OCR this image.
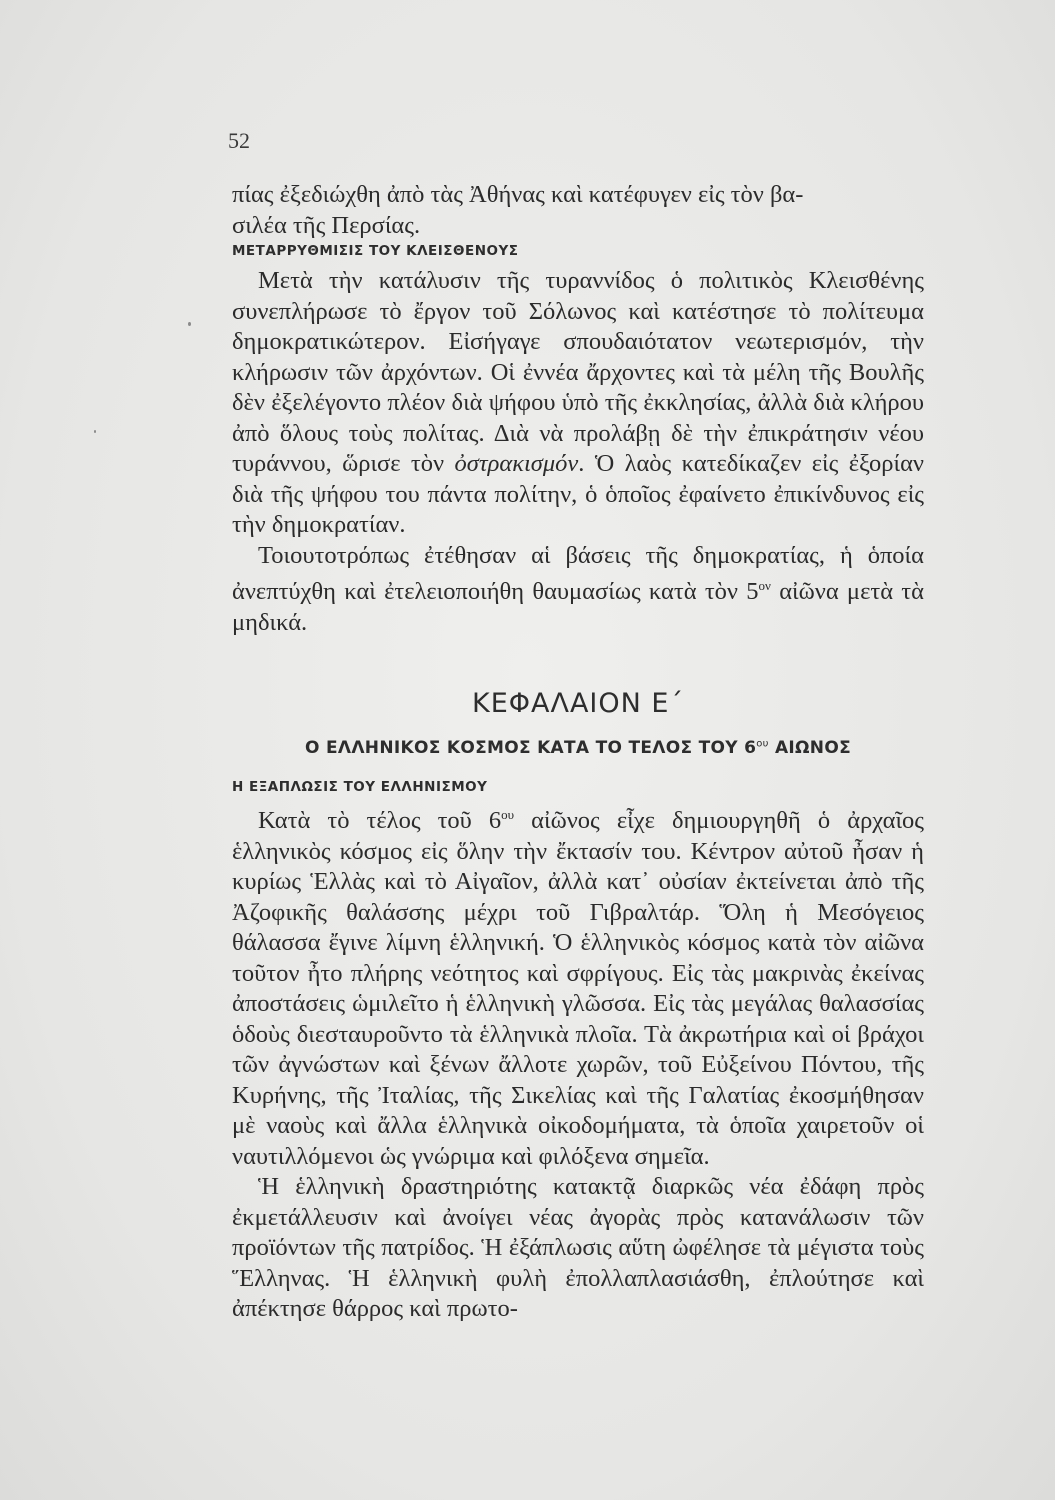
52

πίας ἐξεδιώχθη ἀπὸ τὰς Ἀθήνας καὶ κατέφυγεν εἰς τὸν βα-

σιλέα τῆς Περσίας.

ΜΕΤΑΡΡΥΘΜΙΣΙΣ ΤΟΥ ΚΛΕΙΣΘΕΝΟΥΣ

Μετὰ τὴν κατάλυσιν τῆς τυραννίδος ὁ πολιτικὸς Κλεισθένης συνεπλήρωσε τὸ ἔργον τοῦ Σόλωνος καὶ κατέστησε τὸ πολίτευμα δημοκρατικώτερον. Εἰσήγαγε σπουδαιότατον νεωτερισμόν, τὴν κλήρωσιν τῶν ἀρχόντων. Οἱ ἐννέα ἄρχοντες καὶ τὰ μέλη τῆς Βουλῆς δὲν ἐξελέγοντο πλέον διὰ ψήφου ὑπὸ τῆς ἐκκλησίας, ἀλλὰ διὰ κλήρου ἀπὸ ὅλους τοὺς πολίτας. Διὰ νὰ προλάβῃ δὲ τὴν ἐπικράτησιν νέου τυράννου, ὥρισε τὸν ὀστρακισμόν. Ὁ λαὸς κατεδίκαζεν εἰς ἐξορίαν διὰ τῆς ψήφου του πάντα πολίτην, ὁ ὁποῖος ἐφαίνετο ἐπικίνδυνος εἰς τὴν δημοκρατίαν.

Τοιουτοτρόπως ἐτέθησαν αἱ βάσεις τῆς δημοκρατίας, ἡ ὁποία ἀνεπτύχθη καὶ ἐτελειοποιήθη θαυμασίως κατὰ τὸν $5^{o\nu}$ αἰῶνα μετὰ τὰ μηδικά.

ΚΕΦΑΛΑΙΟΝ Ε΄
Ο ΕΛΛΗΝΙΚΟΣ ΚΟΣΜΟΣ ΚΑΤΑ ΤΟ ΤΕΛΟΣ ΤΟΥ $6^{o\upsilon}$ ΑΙΩΝΟΣ
Η ΕΞΑΠΛΩΣΙΣ ΤΟΥ ΕΛΛΗΝΙΣΜΟΥ

Κατὰ τὸ τέλος τοῦ $6^{o\upsilon}$ αἰῶνος εἶχε δημιουργηθῆ ὁ ἀρχαῖος ἑλληνικὸς κόσμος εἰς ὅλην τὴν ἔκτασίν του. Κέντρον αὐτοῦ ἦσαν ἡ κυρίως Ἑλλὰς καὶ τὸ Αἰγαῖον, ἀλλὰ κατ᾿ οὐσίαν ἐκτείνεται ἀπὸ τῆς Ἀζοφικῆς θαλάσσης μέχρι τοῦ Γιβραλτάρ. Ὅλη ἡ Μεσόγειος θάλασσα ἔγινε λίμνη ἑλληνική. Ὁ ἑλληνικὸς κόσμος κατὰ τὸν αἰῶνα τοῦτον ἦτο πλήρης νεότητος καὶ σφρίγους. Εἰς τὰς μακρινὰς ἐκείνας ἀποστάσεις ὡμιλεῖτο ἡ ἑλληνικὴ γλῶσσα. Εἰς τὰς μεγάλας θαλασσίας ὁδοὺς διεσταυροῦντο τὰ ἑλληνικὰ πλοῖα. Τὰ ἀκρωτήρια καὶ οἱ βράχοι τῶν ἀγνώστων καὶ ξένων ἄλλοτε χωρῶν, τοῦ Εὐξείνου Πόντου, τῆς Κυρήνης, τῆς Ἰταλίας, τῆς Σικελίας καὶ τῆς Γαλατίας ἐκοσμήθησαν μὲ ναοὺς καὶ ἄλλα ἑλληνικὰ οἰκοδομήματα, τὰ ὁποῖα χαιρετοῦν οἱ ναυτιλλόμενοι ὡς γνώριμα καὶ φιλόξενα σημεῖα.

Ἡ ἑλληνικὴ δραστηριότης κατακτᾷ διαρκῶς νέα ἐδάφη πρὸς ἐκμετάλλευσιν καὶ ἀνοίγει νέας ἀγορὰς πρὸς κατανάλωσιν τῶν προϊόντων τῆς πατρίδος. Ἡ ἐξάπλωσις αὕτη ὠφέλησε τὰ μέγιστα τοὺς Ἕλληνας. Ἡ ἑλληνικὴ φυλὴ ἐπολλαπλασιάσθη, ἐπλούτησε καὶ ἀπέκτησε θάρρος καὶ πρωτο-
